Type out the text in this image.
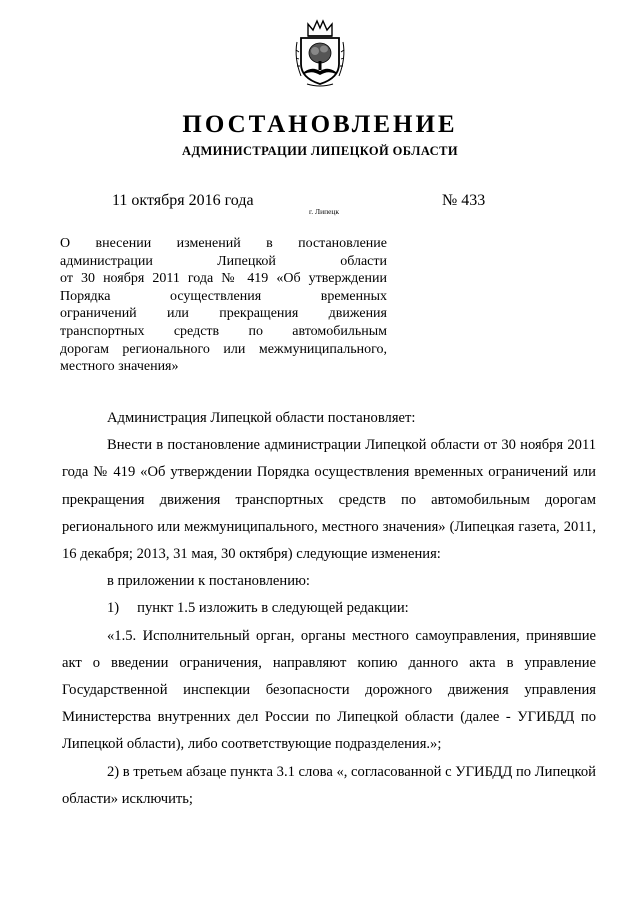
ПОСТАНОВЛЕНИЕ
АДМИНИСТРАЦИИ ЛИПЕЦКОЙ ОБЛАСТИ
11 октября 2016 года
г. Липецк
№ 433
О внесении изменений в постановление
администрации Липецкой области
от 30 ноября 2011 года № 419 «Об утверждении
Порядка осуществления временных
ограничений или прекращения движения
транспортных средств по автомобильным
дорогам регионального или межмуниципального,
местного значения»

Администрация Липецкой области постановляет:

Внести в постановление администрации Липецкой области от 30 ноября 2011 года № 419 «Об утверждении Порядка осуществления временных ограничений или прекращения движения транспортных средств по автомобильным дорогам регионального или межмуниципального, местного значения» (Липецкая газета, 2011, 16 декабря; 2013, 31 мая, 30 октября) следующие изменения:

в приложении к постановлению:

1) пункт 1.5 изложить в следующей редакции:

«1.5. Исполнительный орган, органы местного самоуправления, принявшие акт о введении ограничения, направляют копию данного акта в управление Государственной инспекции безопасности дорожного движения управления Министерства внутренних дел России по Липецкой области (далее - УГИБДД по Липецкой области), либо соответствующие подразделения.»;

2) в третьем абзаце пункта 3.1 слова «, согласованной с УГИБДД по Липецкой области» исключить;
